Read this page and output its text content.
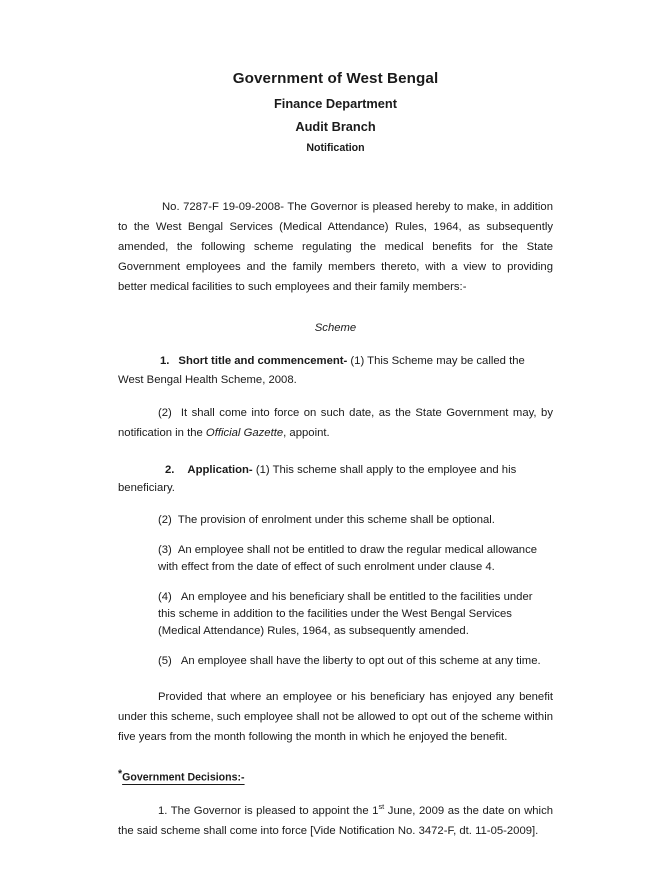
Government of West Bengal
Finance Department
Audit Branch
Notification

No. 7287-F 19-09-2008- The Governor is pleased hereby to make, in addition to the West Bengal Services (Medical Attendance) Rules, 1964, as subsequently amended, the following scheme regulating the medical benefits for the State Government employees and the family members thereto, with a view to providing better medical facilities to such employees and their family members:-

Scheme

1. Short title and commencement- (1) This Scheme may be called the West Bengal Health Scheme, 2008.

(2) It shall come into force on such date, as the State Government may, by notification in the Official Gazette, appoint.

2. Application- (1) This scheme shall apply to the employee and his beneficiary.

(2) The provision of enrolment under this scheme shall be optional.

(3) An employee shall not be entitled to draw the regular medical allowance with effect from the date of effect of such enrolment under clause 4.

(4) An employee and his beneficiary shall be entitled to the facilities under this scheme in addition to the facilities under the West Bengal Services (Medical Attendance) Rules, 1964, as subsequently amended.

(5) An employee shall have the liberty to opt out of this scheme at any time.

Provided that where an employee or his beneficiary has enjoyed any benefit under this scheme, such employee shall not be allowed to opt out of the scheme within five years from the month following the month in which he enjoyed the benefit.

*Government Decisions:-

1. The Governor is pleased to appoint the 1st June, 2009 as the date on which the said scheme shall come into force [Vide Notification No. 3472-F, dt. 11-05-2009].
